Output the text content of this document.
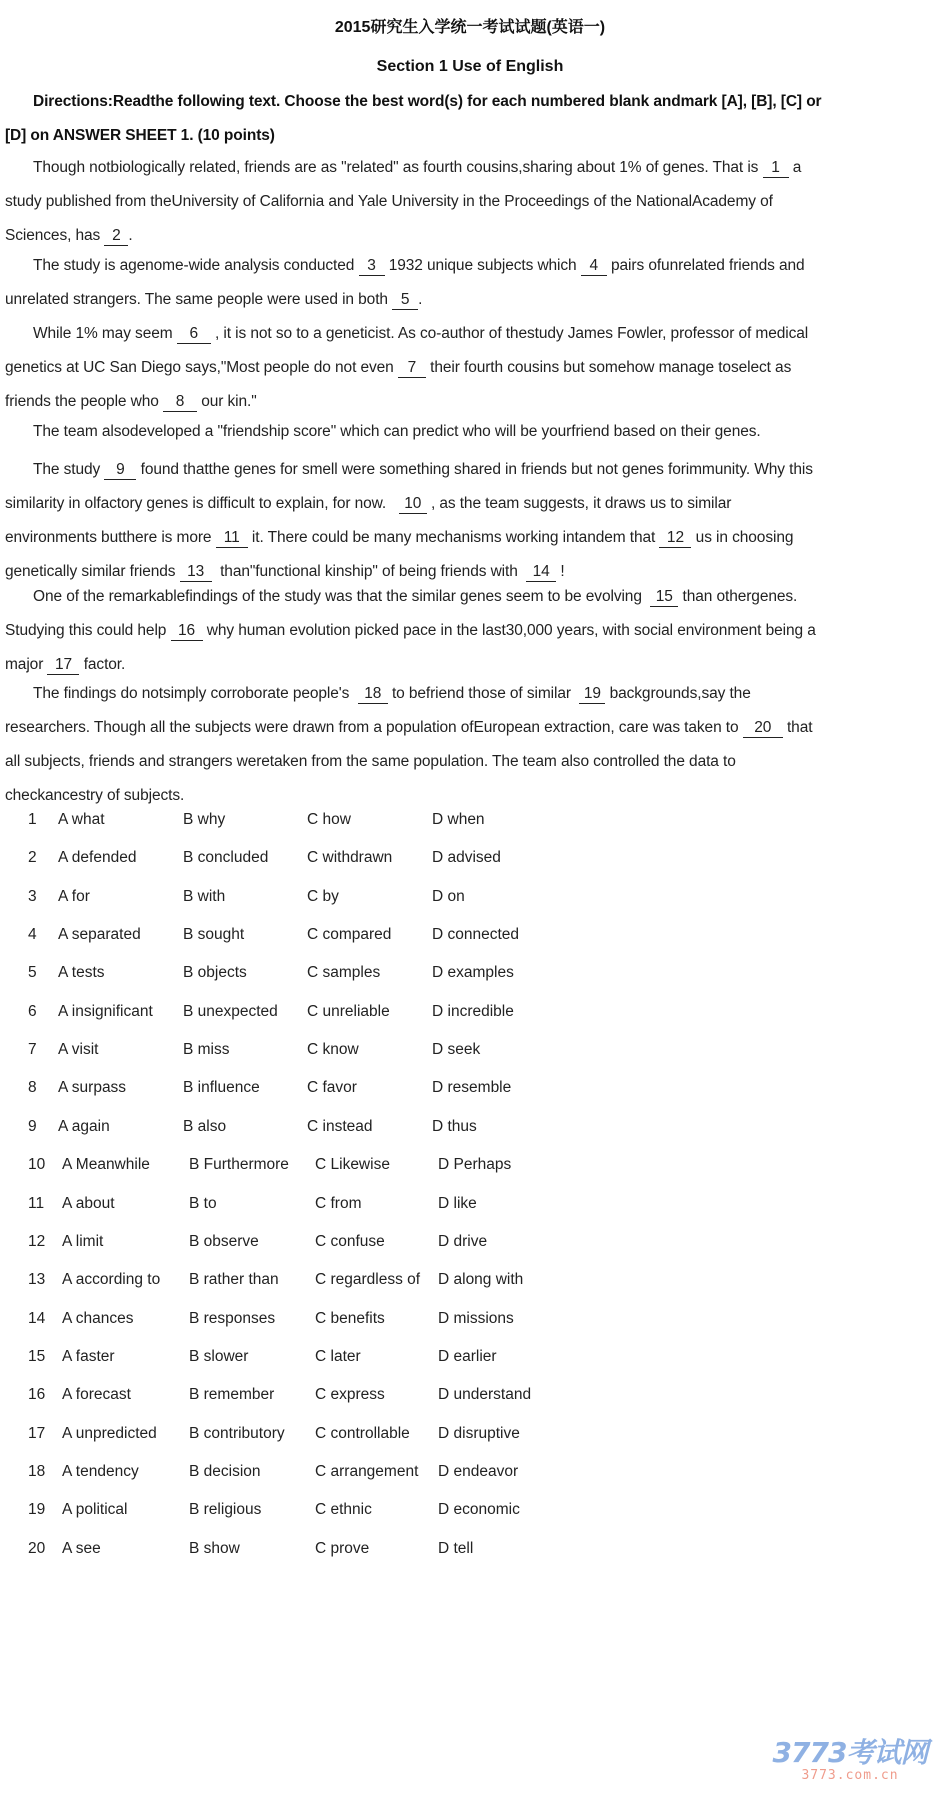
2015研究生入学统一考试试题(英语一)
Section 1 Use of English
Directions:Readthe following text. Choose the best word(s) for each numbered blank andmark [A], [B], [C] or
[D] on ANSWER SHEET 1. (10 points)
Though notbiologically related, friends are as "related" as fourth cousins,sharing about 1% of genes. That is 1 a
study published from theUniversity of California and Yale University in the Proceedings of the NationalAcademy of
Sciences, has 2 .
The study is agenome-wide analysis conducted 3 1932 unique subjects which 4 pairs ofunrelated friends and
unrelated strangers. The same people were used in both 5 .
While 1% may seem 6 , it is not so to a geneticist. As co-author of thestudy James Fowler, professor of medical
genetics at UC San Diego says,"Most people do not even 7 their fourth cousins but somehow manage toselect as
friends the people who 8 our kin."
The team alsodeveloped a "friendship score" which can predict who will be yourfriend based on their genes.
The study 9 found thatthe genes for smell were something shared in friends but not genes forimmunity. Why this
similarity in olfactory genes is difficult to explain, for now. 10 , as the team suggests, it draws us to similar
environments butthere is more 11 it. There could be many mechanisms working intandem that 12 us in choosing
genetically similar friends 13 than"functional kinship" of being friends with 14 !
One of the remarkablefindings of the study was that the similar genes seem to be evolving 15 than othergenes.
Studying this could help 16 why human evolution picked pace in the last30,000 years, with social environment being a
major 17 factor.
The findings do notsimply corroborate people's 18 to befriend those of similar 19 backgrounds,say the
researchers. Though all the subjects were drawn from a population ofEuropean extraction, care was taken to 20 that
all subjects, friends and strangers weretaken from the same population. The team also controlled the data to
checkancestry of subjects.
1 A what	B why	C how	D when
2 A defended	B concluded C withdrawn	D advised
3 A for	B with	C by	D on
4 A separated	B sought	C compared	D connected
5 A tests	B objects	C samples	D examples
6 A insignificant B unexpected C unreliable	D incredible
7 A visit	B miss	C know	D seek
8 A surpass	B influence	C favor	D resemble
9 A again	B also	C instead	D thus
10 A Meanwhile	B Furthermore C Likewise	D Perhaps
11 A about	B to	C from	D like
12 A limit	B observe	C confuse	D drive
13 A according to B rather than C regardless of D along with
14 A chances	B responses	C benefits	D missions
15 A faster	B slower	C later	D earlier
16 A forecast	B remember	C express	D understand
17 A unpredicted B contributory C controllable D disruptive
18 A tendency	B decision	C arrangement D endeavor
19 A political	B religious	C ethnic	D economic
20 A see	B show	C prove	D tell
3773考试网
3773.com.cn
